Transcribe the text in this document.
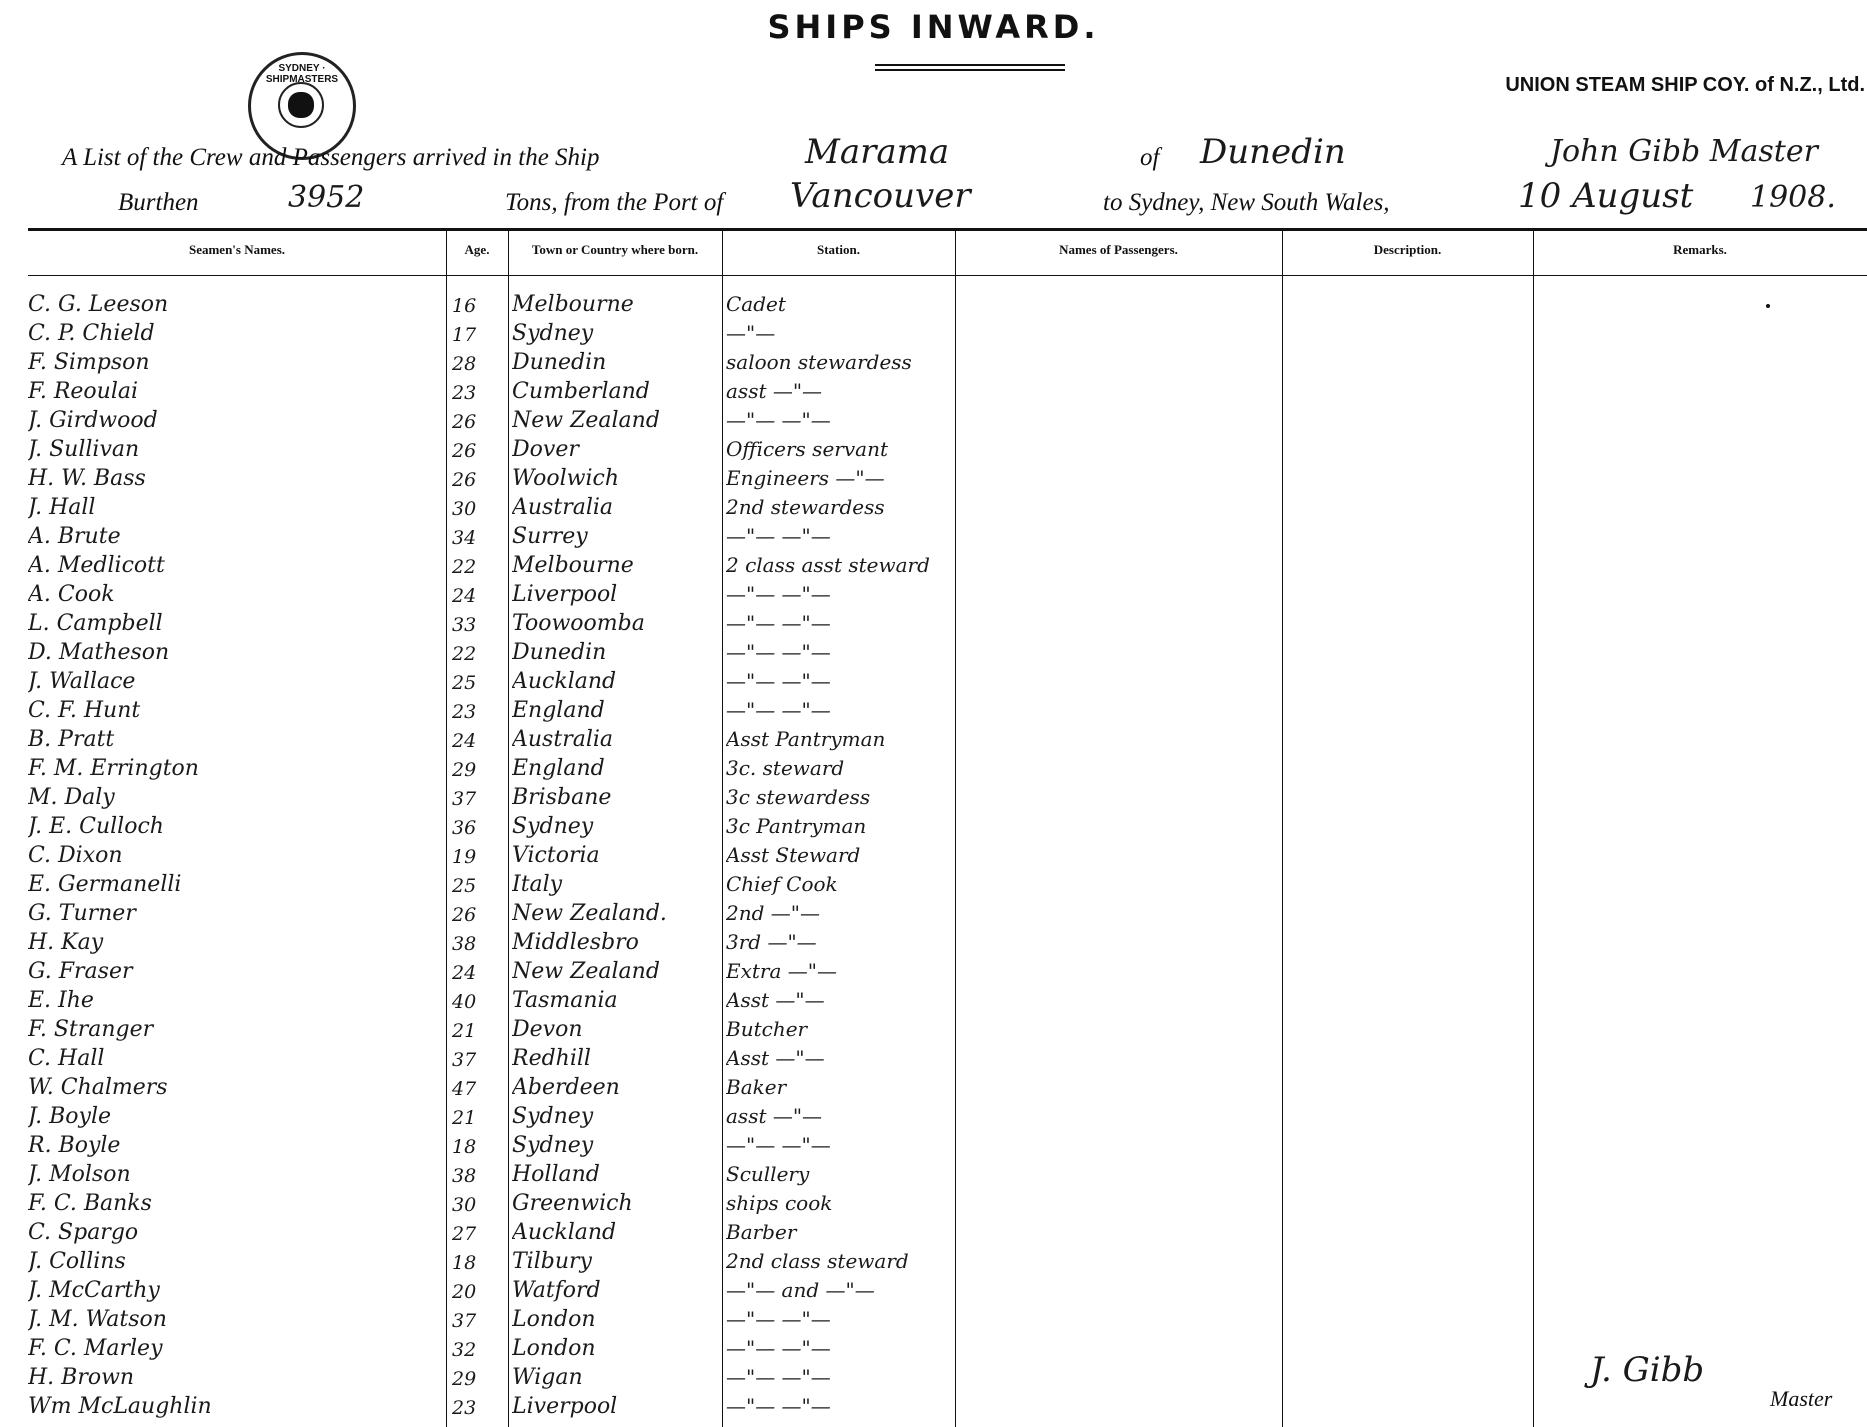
SHIPS INWARD.
UNION STEAM SHIP COY. of N.Z., Ltd.
SYDNEY · SHIPMASTERS
A List of the Crew and Passengers arrived in the Ship	Marama	of Dunedin	John Gibb Master
Burthen	3952	Tons, from the Port of Vancouver	to Sydney, New South Wales,	10 August 1908.
Seamen's Names.	Age.	Town or Country where born.	Station.	Names of Passengers.	Description.	Remarks.
C. G. Leeson	16	Melbourne	Cadet
C. P. Chield	17	Sydney	—"—
F. Simpson	28	Dunedin	saloon stewardess
F. Reoulai	23	Cumberland	asst —"—
J. Girdwood	26	New Zealand	—"— —"—
J. Sullivan	26	Dover	Officers servant
H. W. Bass	26	Woolwich	Engineers —"—
J. Hall	30	Australia	2nd stewardess
A. Brute	34	Surrey	—"— —"—
A. Medlicott	22	Melbourne	2 class asst steward
A. Cook	24	Liverpool	—"— —"—
L. Campbell	33	Toowoomba	—"— —"—
D. Matheson	22	Dunedin	—"— —"—
J. Wallace	25	Auckland	—"— —"—
C. F. Hunt	23	England	—"— —"—
B. Pratt	24	Australia	Asst Pantryman
F. M. Errington	29	England	3c. steward
M. Daly	37	Brisbane	3c stewardess
J. E. Culloch	36	Sydney	3c Pantryman
C. Dixon	19	Victoria	Asst Steward
E. Germanelli	25	Italy	Chief Cook
G. Turner	26	New Zealand.	2nd —"—
H. Kay	38	Middlesbro	3rd —"—
G. Fraser	24	New Zealand	Extra —"—
E. Ihe	40	Tasmania	Asst —"—
F. Stranger	21	Devon	Butcher
C. Hall	37	Redhill	Asst —"—
W. Chalmers	47	Aberdeen	Baker
J. Boyle	21	Sydney	asst —"—
R. Boyle	18	Sydney	—"— —"—
J. Molson	38	Holland	Scullery
F. C. Banks	30	Greenwich	ships cook
C. Spargo	27	Auckland	Barber
J. Collins	18	Tilbury	2nd class steward
J. McCarthy	20	Watford	—"— and —"—
J. M. Watson	37	London	—"— —"—
F. C. Marley	32	London	—"— —"—
H. Brown	29	Wigan	—"— —"—
Wm McLaughlin	23	Liverpool	—"— —"—
J. Gibb
Master
